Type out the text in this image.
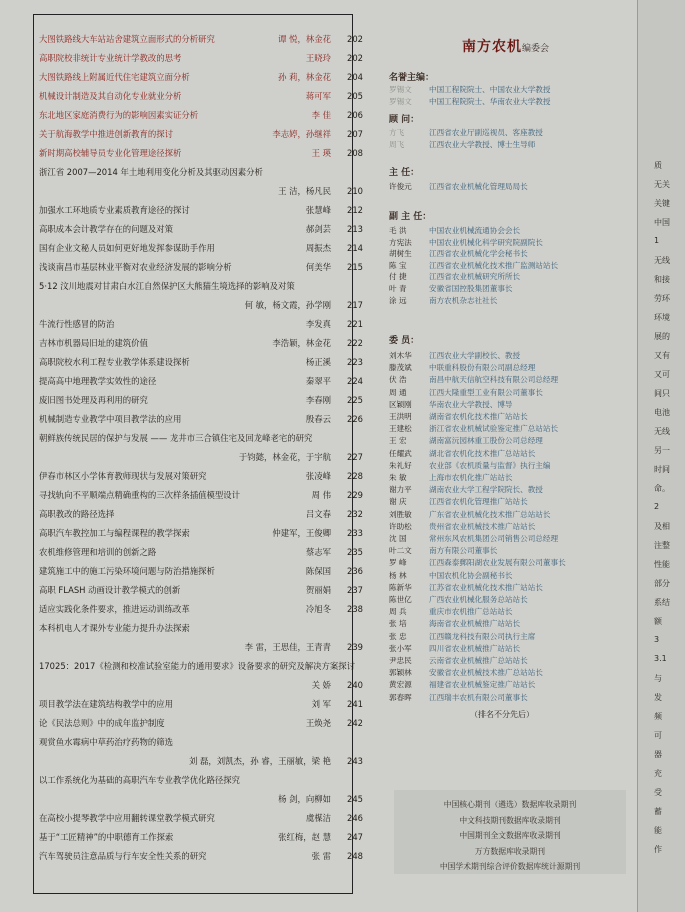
大图铁路线大车站站舍建筑立面形式的分析研究	谭 悦，林金花 202
高职院校非统计专业统计学教改的思考	王晓玲 202
大图铁路线上附属近代住宅建筑立面分析	孙 莉，林金花 204
机械设计制造及其自动化专业就业分析	蒋可军 205
东北地区家庭消费行为的影响因素实证分析	李 佳 206
关于航海教学中推进创新教育的探讨	李志婷，孙继祥 207
新时期高校辅导员专业化管理途径探析	王 瑛 208
浙江省 2007—2014 年土地利用变化分析及其驱动因素分析
王 洁，杨凡民 210
加强水工环地质专业素质教育途径的探讨	张慧峰 212
高职成本会计教学存在的问题及对策	郝剑芸 213
国有企业文秘人员如何更好地发挥参谋助手作用	周振杰 214
浅谈南昌市基层林业平衡对农业经济发展的影响分析	何美华 215
5·12 汶川地震对甘肃白水江自然保护区大熊猫生境选择的影响及对策
何 敏，杨文霞，孙学刚 217
牛流行性感冒的防治	李发真 221
吉林市机器局旧址的建筑价值	李浩颖，林金花 222
高职院校水利工程专业教学体系建设探析	杨正溪 223
提高高中地理教学实效性的途径	秦翠平 224
废旧图书处理及再利用的研究	李春刚 225
机械制造专业教学中项目教学法的应用	殷春云 226
朝鲜族传统民居的保护与发展 —— 龙井市三合镇住宅及回龙峰老宅的研究
于钧懿，林金花，于宇航 227
伊春市林区小学体育教师现状与发展对策研究	张凌峰 228
寻找轨向不平顺端点精确重构的三次样条插值模型设计	周 伟 229
高职教改的路径选择	吕文春 232
高职汽车教控加工与编程课程的教学探索	仲建军，王俊卿 233
农机维修管理和培训的创新之路	蔡志军 235
建筑施工中的施工污染环境问题与防治措施探析	陈保国 236
高职 FLASH 动画设计教学模式的创新	贺丽娟 237
适应实践化条件要求，推进运动训练改革	冷旭冬 238
本科机电人才课外专业能力提升办法探索
李 雷，王思佳，王青青 239
17025：2017《检测和校准试验室能力的通用要求》设备要求的研究及解决方案探讨
关 娇 240
项目教学法在建筑结构教学中的应用	刘 军 241
论《民法总则》中的成年监护制度	王焕尧 242
观赏鱼水霉病中草药治疗药物的筛选
刘 磊，刘凯杰，孙 睿，王丽敏，梁 艳 243
以工作系统化为基础的高职汽车专业教学优化路径探究
杨 剑，向柳如 245
在高校小提琴教学中应用翻转课堂教学模式研究	虞楳洁 246
基于“工匠精神”的中职德育工作探索	张红梅，赵 慧 247
汽车驾驶员注意品质与行车安全性关系的研究	张 雷 248
南方农机编委会
名誉主编：
罗锡文 中国工程院院士、中国农业大学教授
罗锡文 中国工程院院士、华南农业大学教授
顾 问：
方飞	江西省农业厅副巡视员、客座教授
周飞	江西农业大学教授、博士生导师
主 任：
许俊元 江西省农业机械化管理局局长
副 主 任：
毛 洪	中国农业机械流通协会会长
方宪法 中国农业机械化科学研究院副院长
胡树生 江西省农业机械化学会秘书长
陈 宝	江西省农业机械化技术推广监测站站长
付 捷	江西省农业机械研究所所长
叶 青	安徽省国控股集团董事长
涂 远	南方农机杂志社社长
委 员：
刘木华 江西农业大学副校长、教授
滕茂斌 中联重科股份有限公司副总经理
伏 浩	南昌中航天信航空科技有限公司总经理
周 通	江西大隆重型工业有限公司董事长
区颖刚 华南农业大学教授、博导
王洪明 湖南省农机化技术推广站站长
王建松 浙江省农业机械试验鉴定推广总站站长
王 宏	湖南富沅园林重工股份公司总经理
任耀武 湖北省农机化技术推广总站站长
朱礼好 农业部《农机质量与监督》执行主编
朱 敏	上海市农机化推广站站长
谢力平 湖南农业大学工程学院院长、教授
谢 庆	江西省农机化管理推广站站长
刘胜敏 广东省农业机械化技术推广总站站长
许助松 贵州省农业机械技术推广站站长
沈 国	常州东风农机集团公司销售公司总经理
叶二文 南方有限公司董事长
罗 峰	江西森泰郵阳湖农业发展有限公司董事长
杨 林	中国农机化协会副秘书长
陈新华 江苏省农业机械化技术推广站站长
陈世亿 广西农业机械化服务总站站长
周 兵	重庆市农机推广总站站长
张 培	海南省农业机械推广站站长
张 忠	江西赣龙科技有限公司执行主席
张小军 四川省农业机械推广站站长
尹忠民 云南省农业机械推广总站站长
郭颖林 安徽省农业机械技术推广总站站长
黄宏源 福建省农业机械鉴定推广站站长
郭春晖 江西瑞丰农机有限公司董事长
（排名不分先后）
中国核心期刊（遴选）数据库收录期刊
中文科技期刊数据库收录期刊
中国期刊全文数据库收录期刊
万方数据库收录期刊
中国学术期刊综合评价数据库统计源期刊
质
无关
关键
中国
1
无线
和接
劳环
环境
展的
又有
又可
间只
电池
无线
另一
时间
命。
2
及相
注整
性能
部分
系结
额
3
3.1
与
发
频
可
器
充
受
蓄
能
作
